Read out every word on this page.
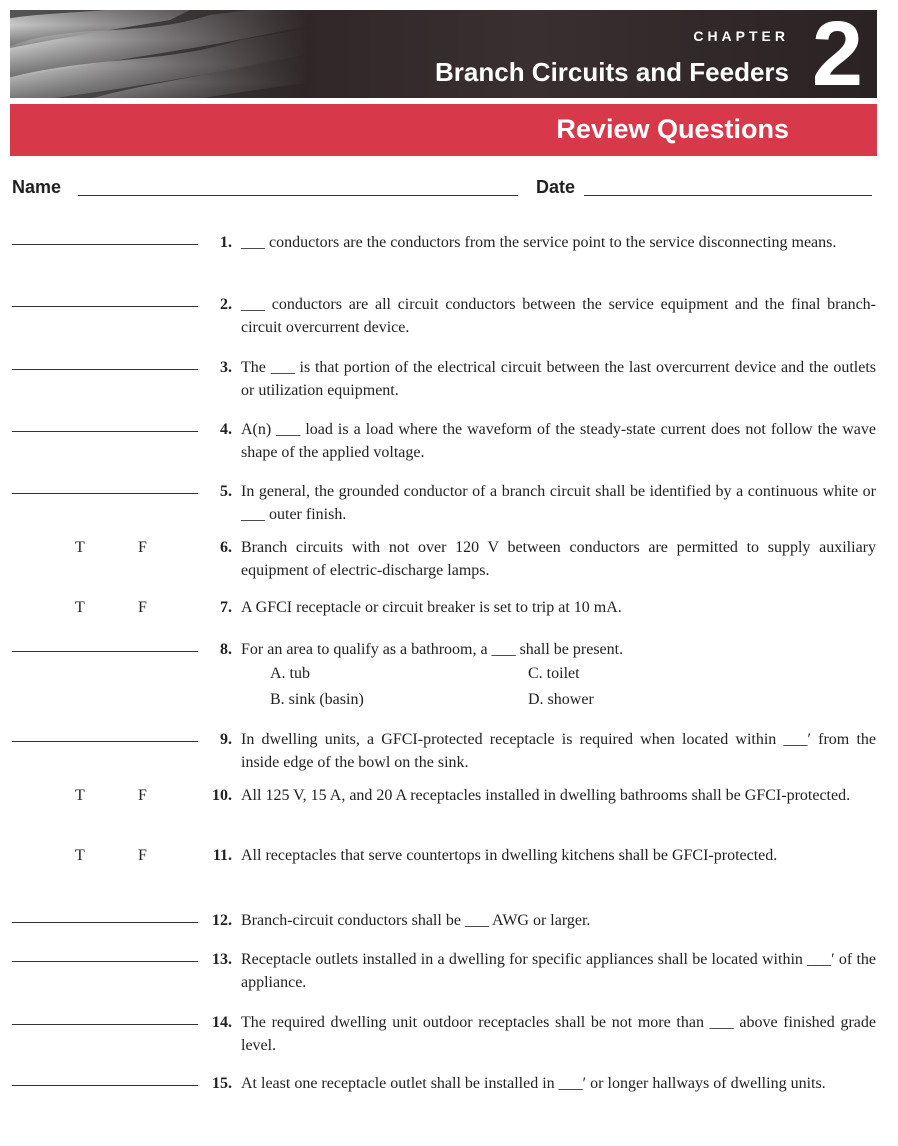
CHAPTER
Branch Circuits and Feeders 2
Review Questions
Name	Date
1. ___ conductors are the conductors from the service point to the service disconnecting means.
2. ___ conductors are all circuit conductors between the service equipment and the final branch-circuit overcurrent device.
3. The ___ is that portion of the electrical circuit between the last overcurrent device and the outlets or utilization equipment.
4. A(n) ___ load is a load where the waveform of the steady-state current does not follow the wave shape of the applied voltage.
5. In general, the grounded conductor of a branch circuit shall be identified by a continuous white or ___ outer finish.
T	F	6. Branch circuits with not over 120 V between conductors are permitted to supply auxiliary equipment of electric-discharge lamps.
T	F	7. A GFCI receptacle or circuit breaker is set to trip at 10 mA.
8. For an area to qualify as a bathroom, a ___ shall be present.
A. tub
B. sink (basin)
C. toilet
D. shower
9. In dwelling units, a GFCI-protected receptacle is required when located within ___′ from the inside edge of the bowl on the sink.
T	F	10. All 125 V, 15 A, and 20 A receptacles installed in dwelling bathrooms shall be GFCI-protected.
T	F	11. All receptacles that serve countertops in dwelling kitchens shall be GFCI-protected.
12. Branch-circuit conductors shall be ___ AWG or larger.
13. Receptacle outlets installed in a dwelling for specific appliances shall be located within ___′ of the appliance.
14. The required dwelling unit outdoor receptacles shall be not more than ___ above finished grade level.
15. At least one receptacle outlet shall be installed in ___′ or longer hallways of dwelling units.
